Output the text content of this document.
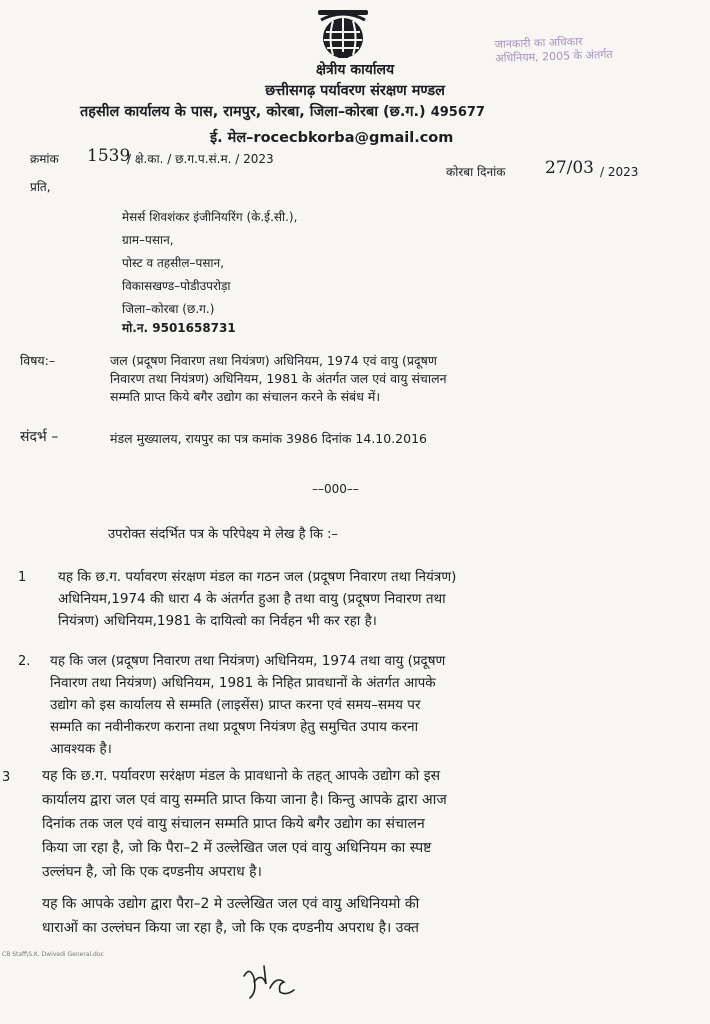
जानकारी का अधिकार
अधिनियम, 2005 के अंतर्गत
क्षेत्रीय कार्यालय
छत्तीसगढ़ पर्यावरण संरक्षण मण्डल
तहसील कार्यालय के पास, रामपुर, कोरबा, जिला–कोरबा (छ.ग.) 495677
ई. मेल–rocecbkorba@gmail.com
क्रमांक 1539
/ क्षे.का. / छ.ग.प.सं.म. / 2023
कोरबा दिनांक 27/03 / 2023
प्रति,
मेसर्स शिवशंकर इंजीनियरिंग (के.ई.सी.),
ग्राम–पसान,
पोस्ट व तहसील–पसान,
विकासखण्ड–पोडीउपरोड़ा
जिला–कोरबा (छ.ग.)
मो.न. 9501658731
विषय:–	जल (प्रदूषण निवारण तथा नियंत्रण) अधिनियम, 1974 एवं वायु (प्रदूषण
निवारण तथा नियंत्रण) अधिनियम, 1981 के अंतर्गत जल एवं वायु संचालन
सम्मति प्राप्त किये बगैर उद्योग का संचालन करने के संबंध में।
संदर्भ –	मंडल मुख्यालय, रायपुर का पत्र कमांक 3986 दिनांक 14.10.2016
––000––
उपरोक्त संदर्भित पत्र के परिपेक्ष्य मे लेख है कि :–
1 यह कि छ.ग. पर्यावरण संरक्षण मंडल का गठन जल (प्रदूषण निवारण तथा नियंत्रण)
अधिनियम,1974 की धारा 4 के अंतर्गत हुआ है तथा वायु (प्रदूषण निवारण तथा
नियंत्रण) अधिनियम,1981 के दायित्वो का निर्वहन भी कर रहा है।
2. यह कि जल (प्रदूषण निवारण तथा नियंत्रण) अधिनियम, 1974 तथा वायु (प्रदूषण
निवारण तथा नियंत्रण) अधिनियम, 1981 के निहित प्रावधानों के अंतर्गत आपके
उद्योग को इस कार्यालय से सम्मति (लाइसेंस) प्राप्त करना एवं समय–समय पर
सम्मति का नवीनीकरण कराना तथा प्रदूषण नियंत्रण हेतु समुचित उपाय करना
आवश्यक है।
3 यह कि छ.ग. पर्यावरण सरंक्षण मंडल के प्रावधानो के तहत् आपके उद्योग को इस
कार्यालय द्वारा जल एवं वायु सम्मति प्राप्त किया जाना है। किन्तु आपके द्वारा आज
दिनांक तक जल एवं वायु संचालन सम्मति प्राप्त किये बगैर उद्योग का संचालन
किया जा रहा है, जो कि पैरा–2 में उल्लेखित जल एवं वायु अधिनियम का स्पष्ट
उल्लंघन है, जो कि एक दण्डनीय अपराध है।
यह कि आपके उद्योग द्वारा पैरा–2 मे उल्लेखित जल एवं वायु अधिनियमो की
धाराओं का उल्लंघन किया जा रहा है, जो कि एक दण्डनीय अपराध है। उक्त
CB Staff\S.K. Dwivedi General.doc
